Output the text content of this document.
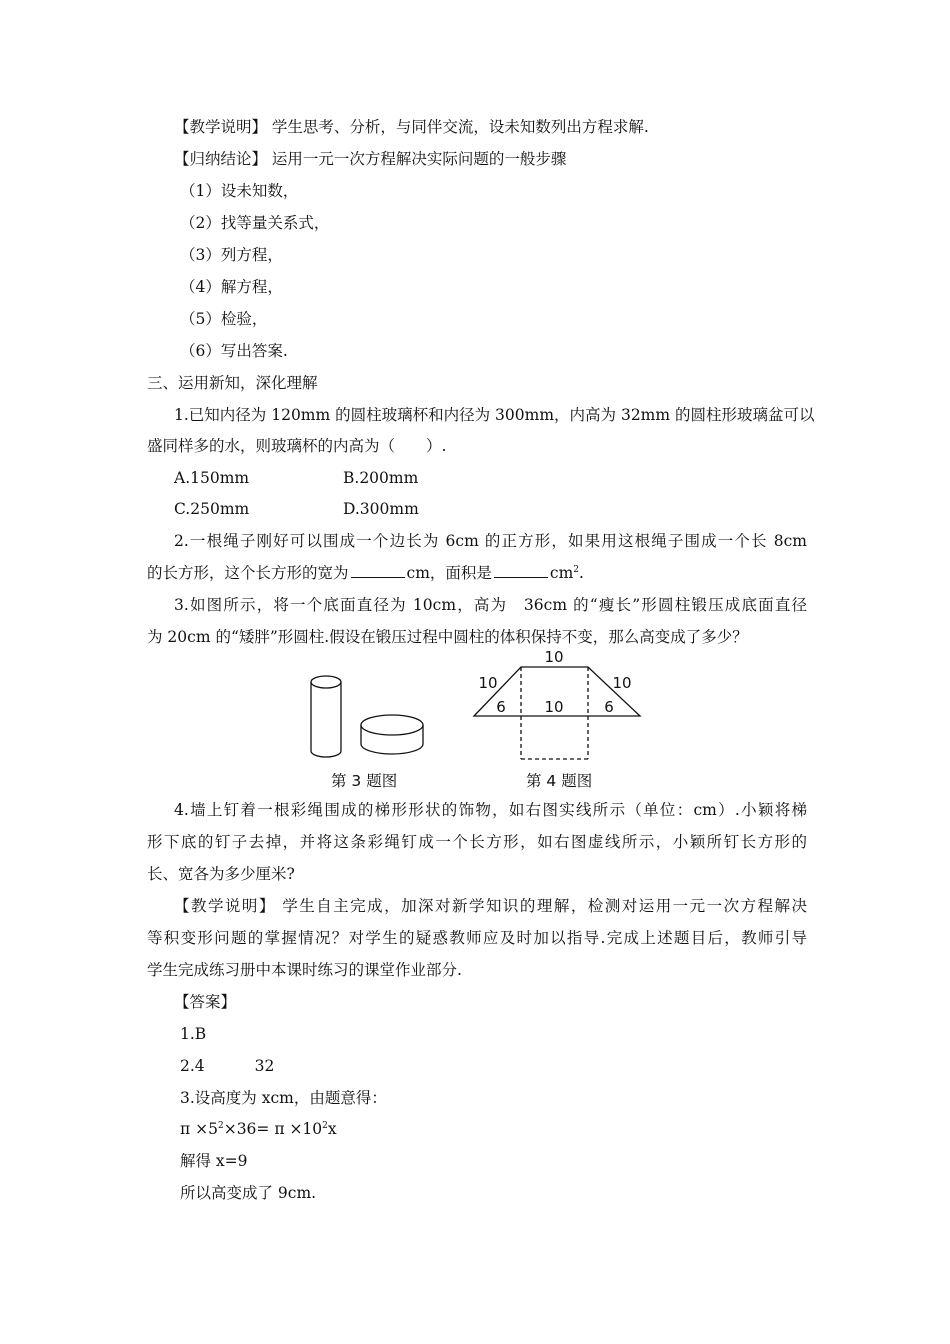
【教学说明】 学生思考、分析，与同伴交流，设未知数列出方程求解.
【归纳结论】 运用一元一次方程解决实际问题的一般步骤
（1）设未知数，
（2）找等量关系式，
（3）列方程，
（4）解方程，
（5）检验，
（6）写出答案.
三、运用新知，深化理解
1.已知内径为 120mm 的圆柱玻璃杯和内径为 300mm，内高为 32mm 的圆柱形玻璃盆可以
盛同样多的水，则玻璃杯的内高为（　　）.
A.150mm	B.200mm
C.250mm	D.300mm
2.一根绳子刚好可以围成一个边长为 6cm 的正方形，如果用这根绳子围成一个长 8cm
的长方形，这个长方形的宽为	cm，面积是	$cm^2$.
3.如图所示，将一个底面直径为 10cm，高为　36cm 的“瘦长”形圆柱锻压成底面直径
为 20cm 的“矮胖”形圆柱.假设在锻压过程中圆柱的体积保持不变，那么高变成了多少？
10
10	10
6	10	6
第 3 题图	第 4 题图
4.墙上钉着一根彩绳围成的梯形形状的饰物，如右图实线所示（单位：cm）.小颖将梯
形下底的钉子去掉，并将这条彩绳钉成一个长方形，如右图虚线所示，小颖所钉长方形的
长、宽各为多少厘米?
【教学说明】 学生自主完成，加深对新学知识的理解，检测对运用一元一次方程解决
等积变形问题的掌握情况？对学生的疑惑教师应及时加以指导.完成上述题目后，教师引导
学生完成练习册中本课时练习的课堂作业部分.
【答案】
1.B
2.4	32
3.设高度为 xcm，由题意得：
$\pi \times 5^2\times 36= \pi \times 10^2x$
解得 x=9
所以高变成了 9cm.
